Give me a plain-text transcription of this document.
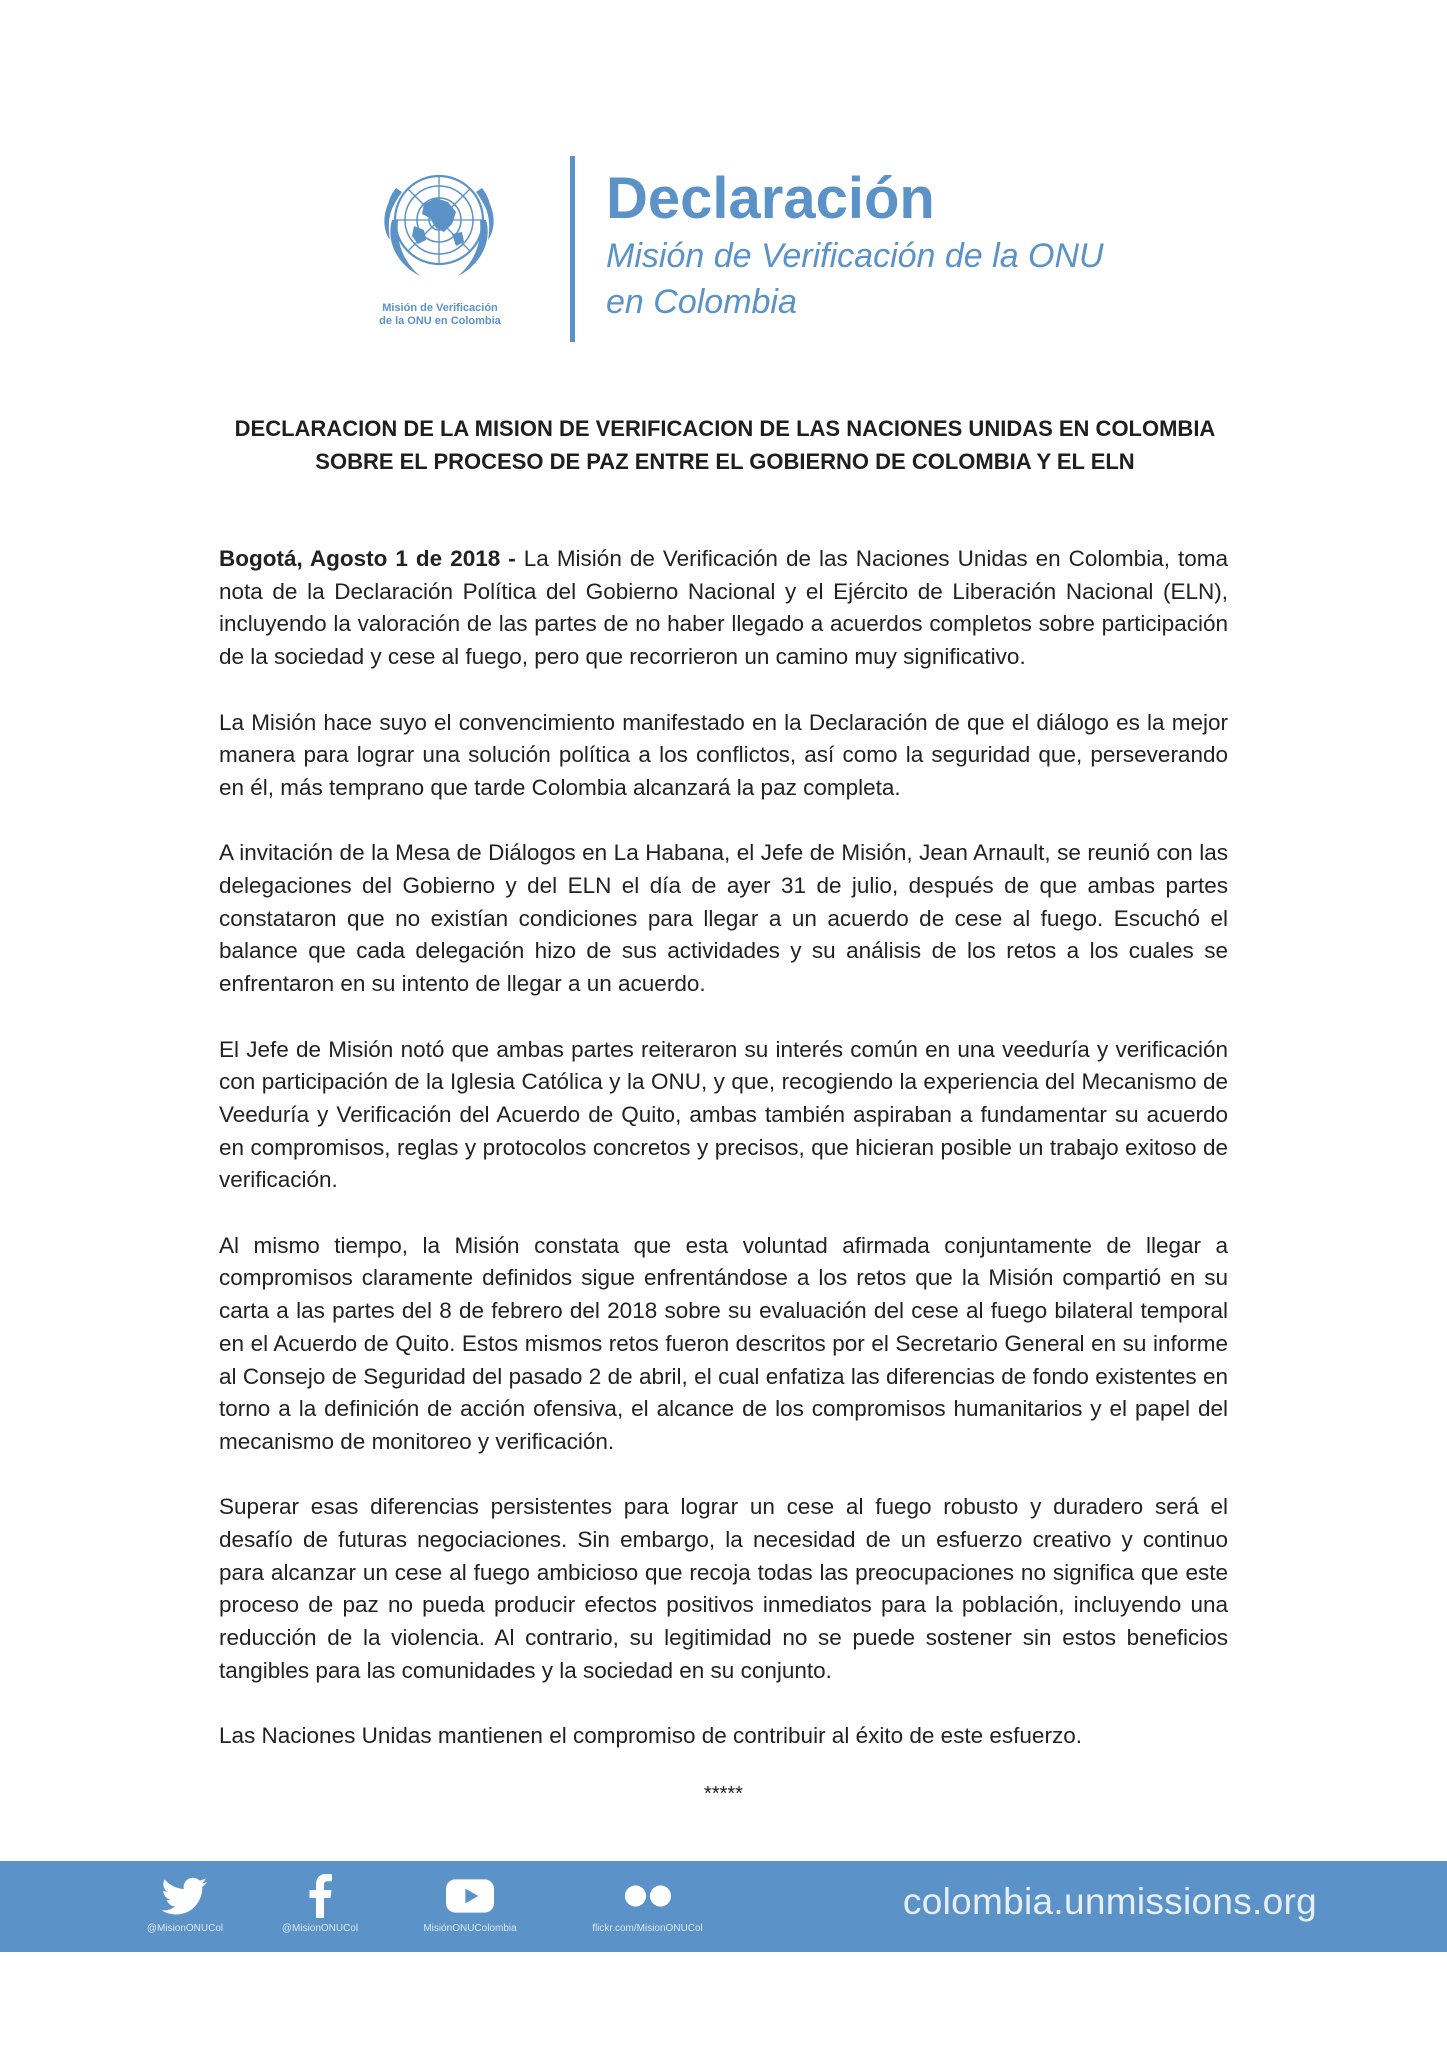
Misión de Verificación
de la ONU en Colombia
Declaración
Misión de Verificación de la ONU
en Colombia
DECLARACION DE LA MISION DE VERIFICACION DE LAS NACIONES UNIDAS EN COLOMBIA
SOBRE EL PROCESO DE PAZ ENTRE EL GOBIERNO DE COLOMBIA Y EL ELN

Bogotá, Agosto 1 de 2018 - La Misión de Verificación de las Naciones Unidas en Colombia, toma nota de la Declaración Política del Gobierno Nacional y el Ejército de Liberación Nacional (ELN), incluyendo la valoración de las partes de no haber llegado a acuerdos completos sobre participación de la sociedad y cese al fuego, pero que recorrieron un camino muy significativo.

La Misión hace suyo el convencimiento manifestado en la Declaración de que el diálogo es la mejor manera para lograr una solución política a los conflictos, así como la seguridad que, perseverando en él, más temprano que tarde Colombia alcanzará la paz completa.

A invitación de la Mesa de Diálogos en La Habana, el Jefe de Misión, Jean Arnault, se reunió con las delegaciones del Gobierno y del ELN el día de ayer 31 de julio, después de que ambas partes constataron que no existían condiciones para llegar a un acuerdo de cese al fuego. Escuchó el balance que cada delegación hizo de sus actividades y su análisis de los retos a los cuales se enfrentaron en su intento de llegar a un acuerdo.

El Jefe de Misión notó que ambas partes reiteraron su interés común en una veeduría y verificación con participación de la Iglesia Católica y la ONU, y que, recogiendo la experiencia del Mecanismo de Veeduría y Verificación del Acuerdo de Quito, ambas también aspiraban a fundamentar su acuerdo en compromisos, reglas y protocolos concretos y precisos, que hicieran posible un trabajo exitoso de verificación.

Al mismo tiempo, la Misión constata que esta voluntad afirmada conjuntamente de llegar a compromisos claramente definidos sigue enfrentándose a los retos que la Misión compartió en su carta a las partes del 8 de febrero del 2018 sobre su evaluación del cese al fuego bilateral temporal en el Acuerdo de Quito. Estos mismos retos fueron descritos por el Secretario General en su informe al Consejo de Seguridad del pasado 2 de abril, el cual enfatiza las diferencias de fondo existentes en torno a la definición de acción ofensiva, el alcance de los compromisos humanitarios y el papel del mecanismo de monitoreo y verificación.

Superar esas diferencias persistentes para lograr un cese al fuego robusto y duradero será el desafío de futuras negociaciones. Sin embargo, la necesidad de un esfuerzo creativo y continuo para alcanzar un cese al fuego ambicioso que recoja todas las preocupaciones no significa que este proceso de paz no pueda producir efectos positivos inmediatos para la población, incluyendo una reducción de la violencia. Al contrario, su legitimidad no se puede sostener sin estos beneficios tangibles para las comunidades y la sociedad en su conjunto.

Las Naciones Unidas mantienen el compromiso de contribuir al éxito de este esfuerzo.

*****
@MisionONUCol	@MisionONUCol	MisiónONUColombia	flickr.com/MisionONUCol
colombia.unmissions.org
